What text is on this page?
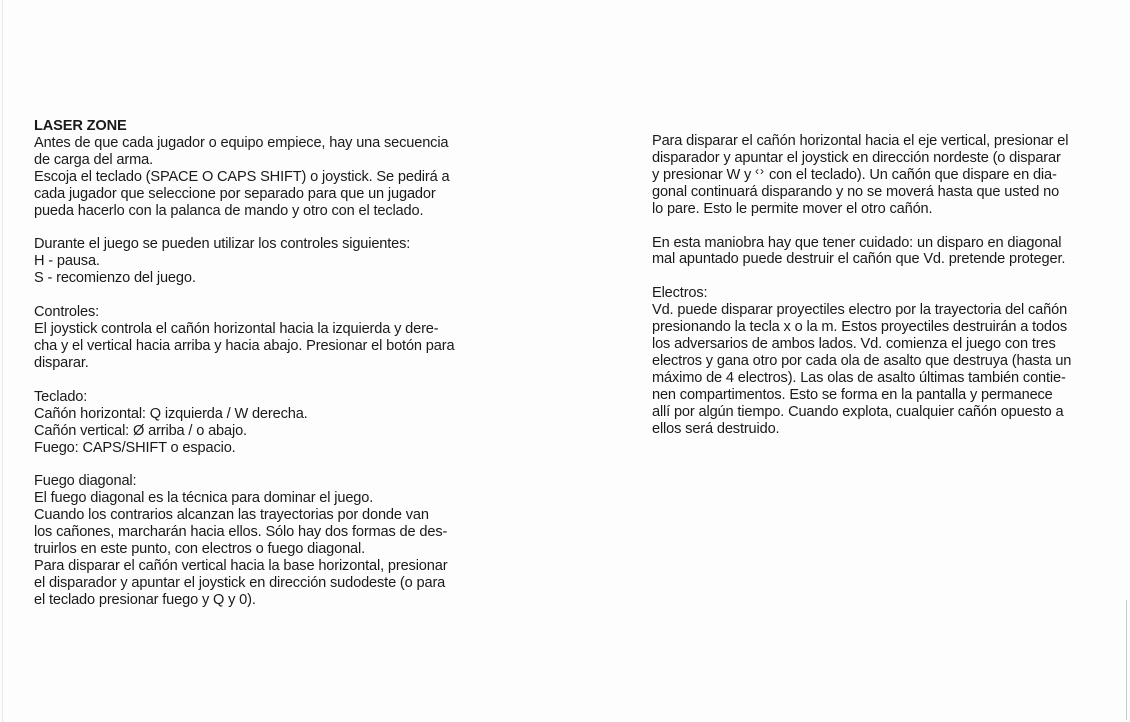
LASER ZONE

Antes de que cada jugador o equipo empiece, hay una secuencia
de carga del arma.
Escoja el teclado (SPACE O CAPS SHIFT) o joystick. Se pedirá a
cada jugador que seleccione por separado para que un jugador
pueda hacerlo con la palanca de mando y otro con el teclado.

Durante el juego se pueden utilizar los controles siguientes:
H - pausa.
S - recomienzo del juego.

Controles:
El joystick controla el cañón horizontal hacia la izquierda y dere-
cha y el vertical hacia arriba y hacia abajo. Presionar el botón para
disparar.

Teclado:
Cañón horizontal: Q izquierda / W derecha.
Cañón vertical: Ø arriba / o abajo.
Fuego: CAPS/SHIFT o espacio.

Fuego diagonal:
El fuego diagonal es la técnica para dominar el juego.
Cuando los contrarios alcanzan las trayectorias por donde van
los cañones, marcharán hacia ellos. Sólo hay dos formas de des-
truirlos en este punto, con electros o fuego diagonal.
Para disparar el cañón vertical hacia la base horizontal, presionar
el disparador y apuntar el joystick en dirección sudodeste (o para
el teclado presionar fuego y Q y 0).

Para disparar el cañón horizontal hacia el eje vertical, presionar el
disparador y apuntar el joystick en dirección nordeste (o disparar
y presionar W y ‹› con el teclado). Un cañón que dispare en dia-
gonal continuará disparando y no se moverá hasta que usted no
lo pare. Esto le permite mover el otro cañón.

En esta maniobra hay que tener cuidado: un disparo en diagonal
mal apuntado puede destruir el cañón que Vd. pretende proteger.

Electros:
Vd. puede disparar proyectiles electro por la trayectoria del cañón
presionando la tecla x o la m. Estos proyectiles destruirán a todos
los adversarios de ambos lados. Vd. comienza el juego con tres
electros y gana otro por cada ola de asalto que destruya (hasta un
máximo de 4 electros). Las olas de asalto últimas también contie-
nen compartimentos. Esto se forma en la pantalla y permanece
allí por algún tiempo. Cuando explota, cualquier cañón opuesto a
ellos será destruido.
